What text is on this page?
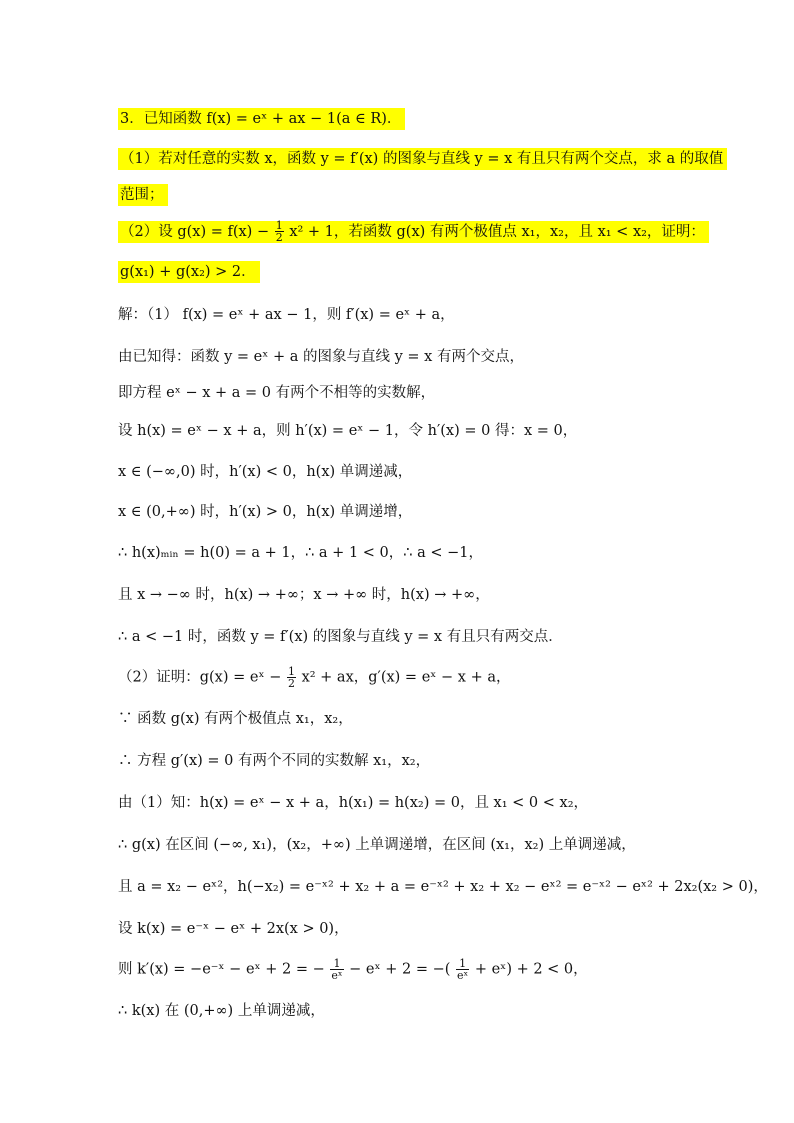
3．已知函数 f(x) = eˣ + ax − 1(a ∈ R)．
（1）若对任意的实数 x，函数 y = f′(x) 的图象与直线 y = x 有且只有两个交点，求 a 的取值
范围；
（2）设 $g(x) = f(x) - \frac{1}{2} x^2 + 1$，若函数 g(x) 有两个极值点 x₁，x₂，且 x₁ < x₂，证明：
g(x₁) + g(x₂) > 2．
解：（1） f(x) = eˣ + ax − 1，则 f′(x) = eˣ + a，
由已知得：函数 y = eˣ + a 的图象与直线 y = x 有两个交点，
即方程 eˣ − x + a = 0 有两个不相等的实数解，
设 h(x) = eˣ − x + a，则 h′(x) = eˣ − 1，令 h′(x) = 0 得：x = 0，
x ∈ (−∞,0) 时，h′(x) < 0，h(x) 单调递减，
x ∈ (0,+∞) 时，h′(x) > 0，h(x) 单调递增，
∴ h(x)ₘᵢₙ = h(0) = a + 1，∴ a + 1 < 0，∴ a < −1，
且 x → −∞ 时，h(x) → +∞；x → +∞ 时，h(x) → +∞，
∴ a < −1 时，函数 y = f′(x) 的图象与直线 y = x 有且只有两交点．
（2）证明：g(x) = eˣ − $\frac{1}{2} x^2$ + ax，g′(x) = eˣ − x + a，
∵ 函数 g(x) 有两个极值点 x₁，x₂，
∴ 方程 g′(x) = 0 有两个不同的实数解 x₁，x₂，
由（1）知：h(x) = eˣ − x + a，h(x₁) = h(x₂) = 0，且 x₁ < 0 < x₂，
∴ g(x) 在区间 (−∞, x₁)，(x₂，+∞) 上单调递增，在区间 (x₁，x₂) 上单调递减，
且 a = x₂ − eˣ²，h(−x₂) = e⁻ˣ² + x₂ + a = e⁻ˣ² + x₂ + x₂ − eˣ² = e⁻ˣ² − eˣ² + 2x₂(x₂ > 0)，
设 k(x) = e⁻ˣ − eˣ + 2x(x > 0)，
则 k′(x) = −e⁻ˣ − eˣ + 2 = − $\frac{1}{\text{eˣ}}$ − eˣ + 2 = −( $\frac{1}{\text{eˣ}}$ + eˣ) + 2 < 0，
∴ k(x) 在 (0,+∞) 上单调递减，
